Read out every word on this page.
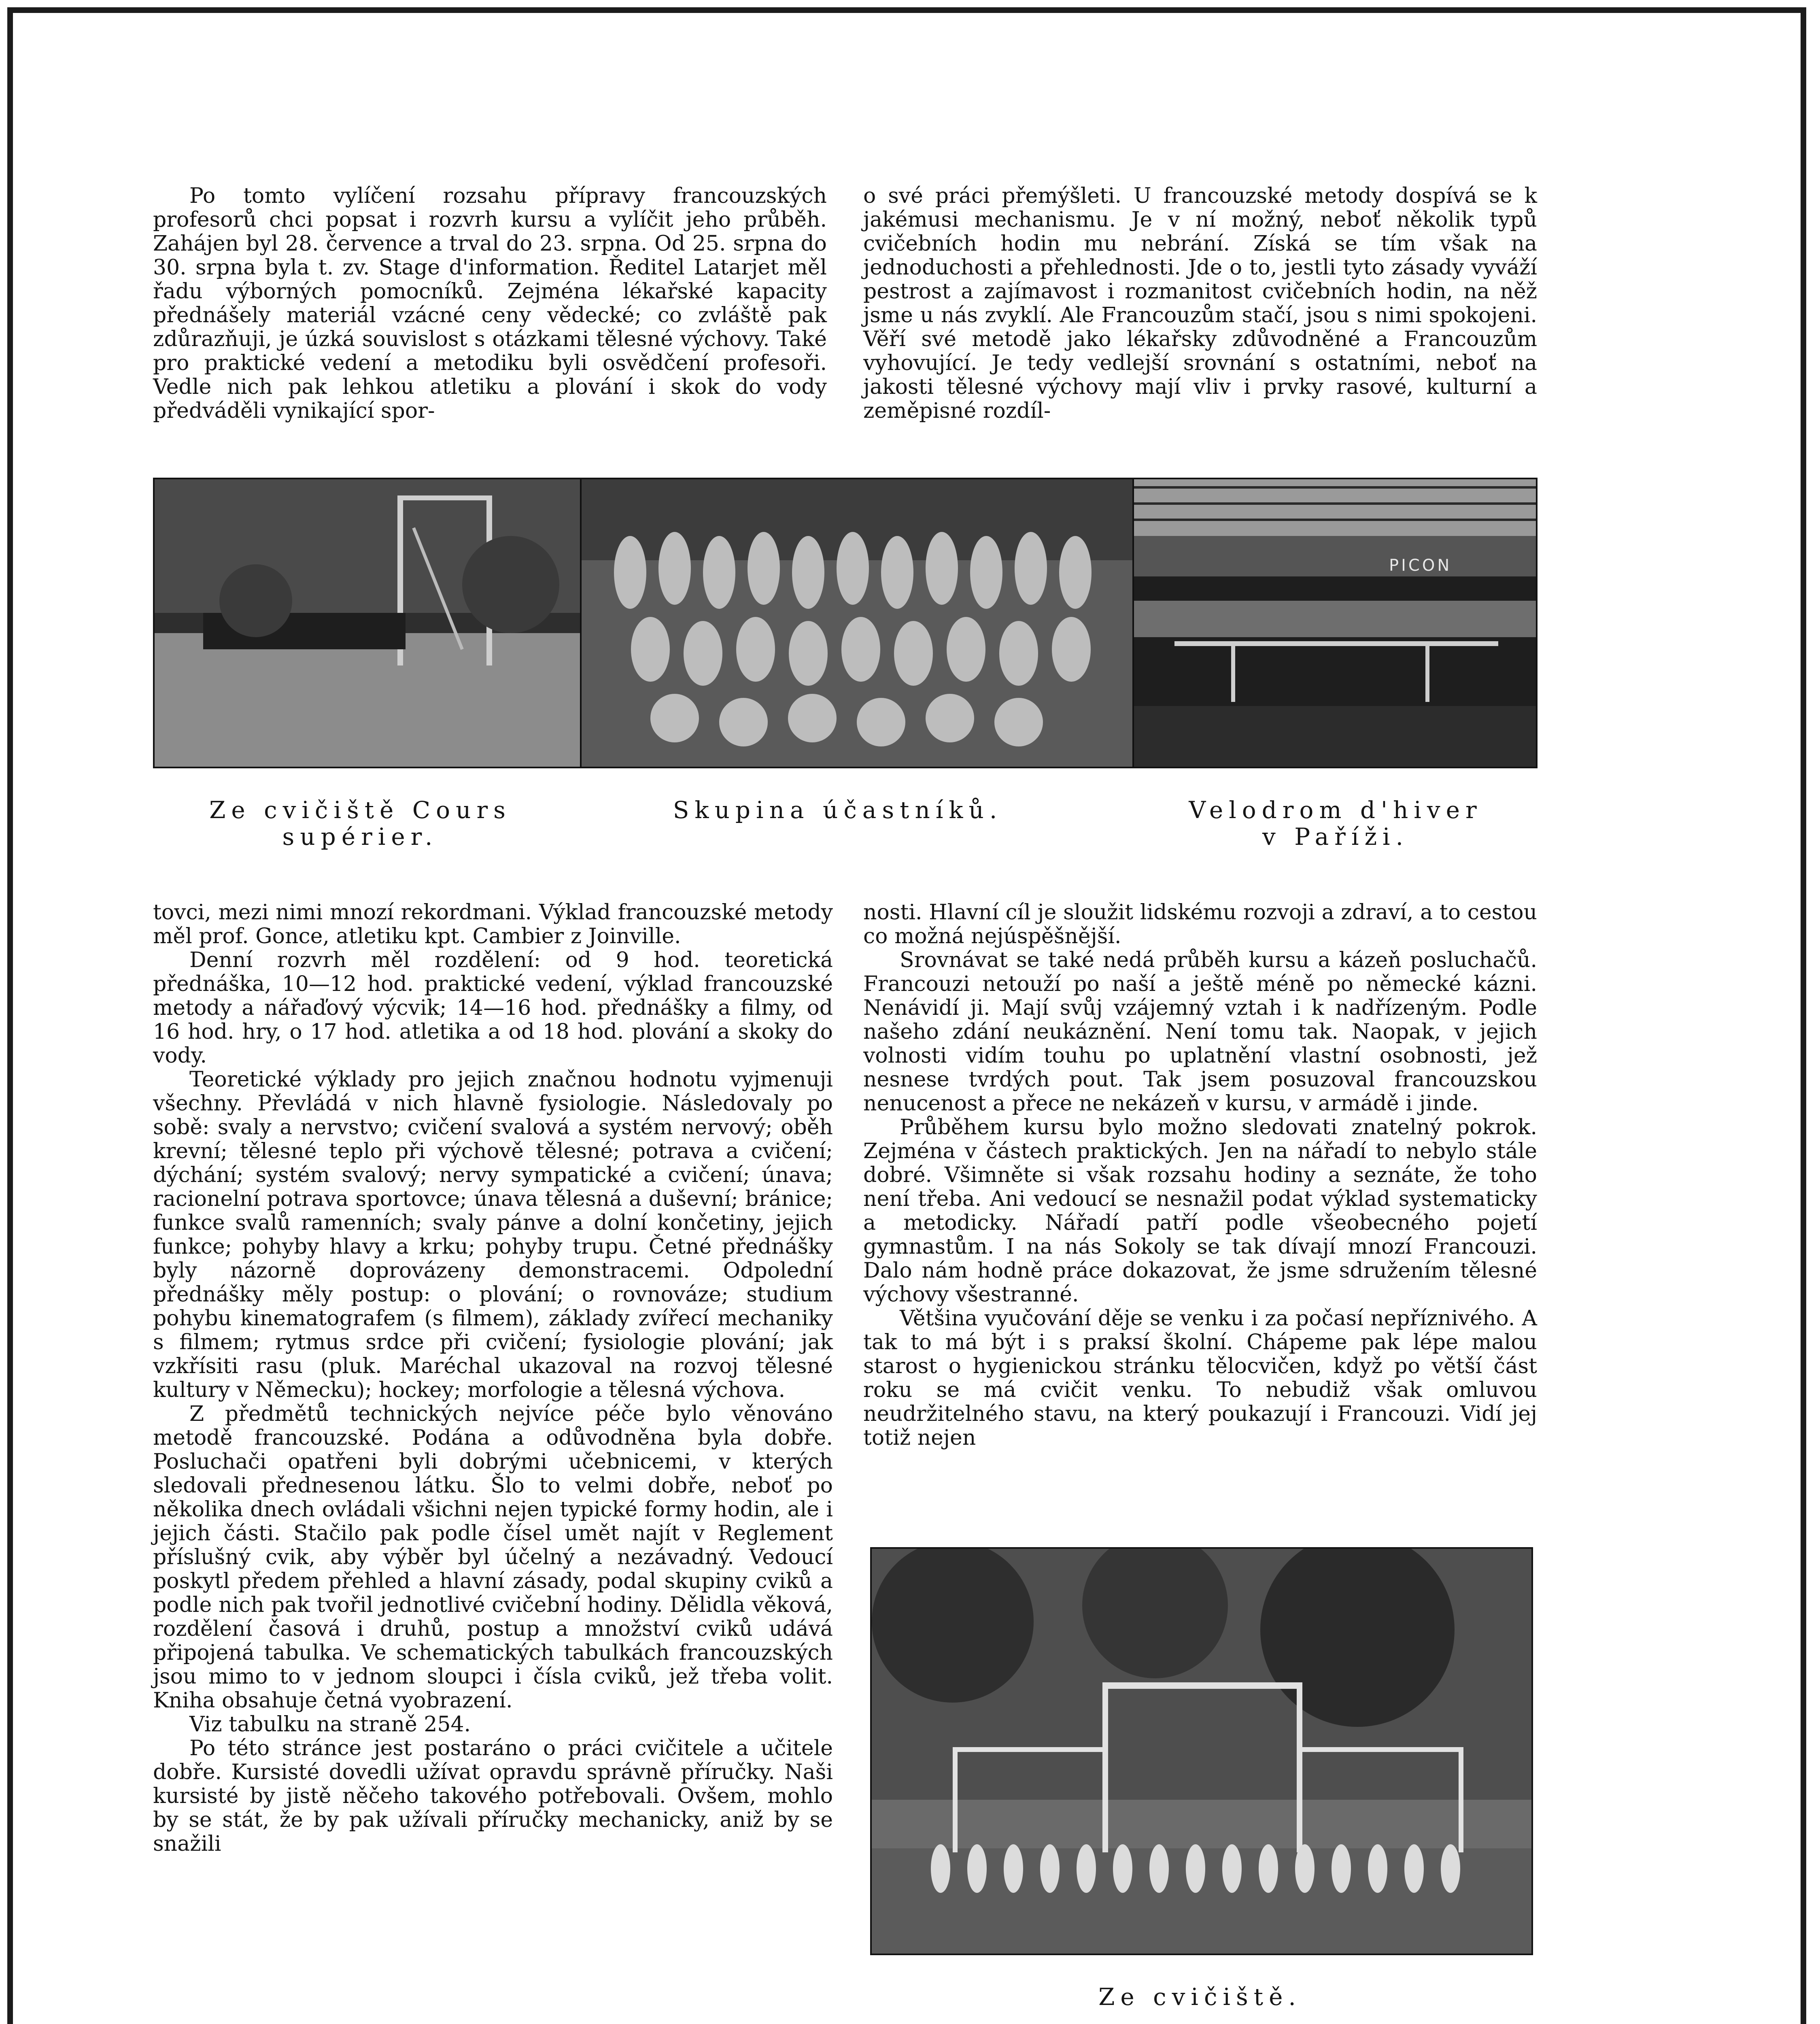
Po tomto vylíčení rozsahu přípravy francouzských profesorů chci popsat i rozvrh kursu a vylíčit jeho průběh. Zahájen byl 28. července a trval do 23. srpna. Od 25. srpna do 30. srpna byla t. zv. Stage d'information. Ředitel Latarjet měl řadu výborných pomocníků. Zejména lékařské kapacity přednášely materiál vzácné ceny vědecké; co zvláště pak zdůrazňuji, je úzká souvislost s otázkami tělesné výchovy. Také pro praktické vedení a metodiku byli osvědčení profesoři. Vedle nich pak lehkou atletiku a plování i skok do vody předváděli vynikající spor-

o své práci přemýšleti. U francouzské metody dospívá se k jakémusi mechanismu. Je v ní možný, neboť několik typů cvičebních hodin mu nebrání. Získá se tím však na jednoduchosti a přehlednosti. Jde o to, jestli tyto zásady vyváží pestrost a zajímavost i rozmanitost cvičebních hodin, na něž jsme u nás zvyklí. Ale Francouzům stačí, jsou s nimi spokojeni. Věří své metodě jako lékařsky zdůvodněné a Francouzům vyhovující. Je tedy vedlejší srovnání s ostatními, neboť na jakosti tělesné výchovy mají vliv i prvky rasové, kulturní a zeměpisné rozdíl-

PICON
Ze cvičiště Cours
supérier.
Skupina účastníků.	Velodrom d'hiver
v Paříži.

tovci, mezi nimi mnozí rekordmani. Výklad francouzské metody měl prof. Gonce, atletiku kpt. Cambier z Joinville.

Denní rozvrh měl rozdělení: od 9 hod. teoretická přednáška, 10—12 hod. praktické vedení, výklad francouzské metody a nářaďový výcvik; 14—16 hod. přednášky a filmy, od 16 hod. hry, o 17 hod. atletika a od 18 hod. plování a skoky do vody.

Teoretické výklady pro jejich značnou hodnotu vyjmenuji všechny. Převládá v nich hlavně fysiologie. Následovaly po sobě: svaly a nervstvo; cvičení svalová a systém nervový; oběh krevní; tělesné teplo při výchově tělesné; potrava a cvičení; dýchání; systém svalový; nervy sympatické a cvičení; únava; racionelní potrava sportovce; únava tělesná a duševní; bránice; funkce svalů ramenních; svaly pánve a dolní končetiny, jejich funkce; pohyby hlavy a krku; pohyby trupu. Četné přednášky byly názorně doprovázeny demonstracemi. Odpolední přednášky měly postup: o plování; o rovnováze; studium pohybu kinematografem (s filmem), základy zvířecí mechaniky s filmem; rytmus srdce při cvičení; fysiologie plování; jak vzkřísiti rasu (pluk. Maréchal ukazoval na rozvoj tělesné kultury v Německu); hockey; morfologie a tělesná výchova.

Z předmětů technických nejvíce péče bylo věnováno metodě francouzské. Podána a odůvodněna byla dobře. Posluchači opatřeni byli dobrými učebnicemi, v kterých sledovali přednesenou látku. Šlo to velmi dobře, neboť po několika dnech ovládali všichni nejen typické formy hodin, ale i jejich části. Stačilo pak podle čísel umět najít v Reglement příslušný cvik, aby výběr byl účelný a nezávadný. Vedoucí poskytl předem přehled a hlavní zásady, podal skupiny cviků a podle nich pak tvořil jednotlivé cvičební hodiny. Dělidla věková, rozdělení časová i druhů, postup a množství cviků udává připojená tabulka. Ve schematických tabulkách francouzských jsou mimo to v jednom sloupci i čísla cviků, jež třeba volit. Kniha obsahuje četná vyobrazení.

Viz tabulku na straně 254.

Po této stránce jest postaráno o práci cvičitele a učitele dobře. Kursisté dovedli užívat opravdu správně příručky. Naši kursisté by jistě něčeho takového potřebovali. Ovšem, mohlo by se stát, že by pak užívali příručky mechanicky, aniž by se snažili

nosti. Hlavní cíl je sloužit lidskému rozvoji a zdraví, a to cestou co možná nejúspěšnější.

Srovnávat se také nedá průběh kursu a kázeň posluchačů. Francouzi netouží po naší a ještě méně po německé kázni. Nenávidí ji. Mají svůj vzájemný vztah i k nadřízeným. Podle našeho zdání neukáznění. Není tomu tak. Naopak, v jejich volnosti vidím touhu po uplatnění vlastní osobnosti, jež nesnese tvrdých pout. Tak jsem posuzoval francouzskou nenucenost a přece ne nekázeň v kursu, v armádě i jinde.

Průběhem kursu bylo možno sledovati znatelný pokrok. Zejména v částech praktických. Jen na nářadí to nebylo stále dobré. Všimněte si však rozsahu hodiny a seznáte, že toho není třeba. Ani vedoucí se nesnažil podat výklad systematicky a metodicky. Nářadí patří podle všeobecného pojetí gymnastům. I na nás Sokoly se tak dívají mnozí Francouzi. Dalo nám hodně práce dokazovat, že jsme sdružením tělesné výchovy všestranné.

Většina vyučování děje se venku i za počasí nepříznivého. A tak to má být i s praksí školní. Chápeme pak lépe malou starost o hygienickou stránku tělocvičen, když po větší část roku se má cvičit venku. To nebudiž však omluvou neudržitelného stavu, na který poukazují i Francouzi. Vidí jej totiž nejen

Ze cvičiště.
